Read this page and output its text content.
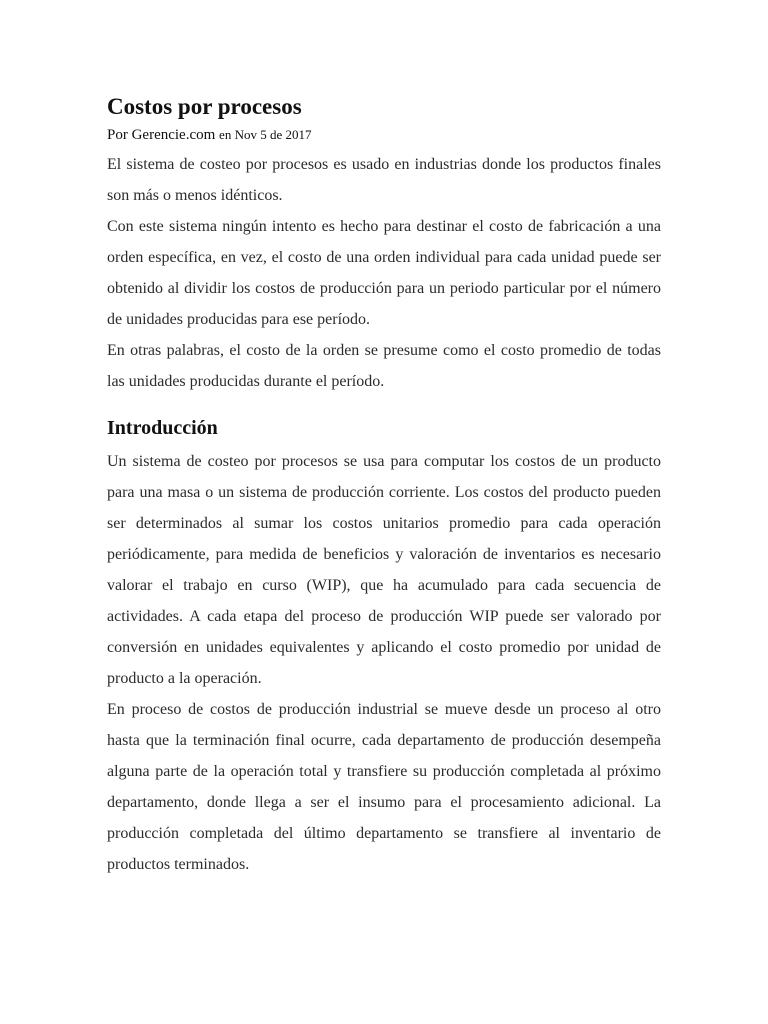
Costos por procesos

Por Gerencie.com en Nov 5 de 2017

El sistema de costeo por procesos es usado en industrias donde los productos finales son más o menos idénticos.

Con este sistema ningún intento es hecho para destinar el costo de fabricación a una orden específica, en vez, el costo de una orden individual para cada unidad puede ser obtenido al dividir los costos de producción para un periodo particular por el número de unidades producidas para ese período.

En otras palabras, el costo de la orden se presume como el costo promedio de todas las unidades producidas durante el período.

Introducción

Un sistema de costeo por procesos se usa para computar los costos de un producto para una masa o un sistema de producción corriente. Los costos del producto pueden ser determinados al sumar los costos unitarios promedio para cada operación periódicamente, para medida de beneficios y valoración de inventarios es necesario valorar el trabajo en curso (WIP), que ha acumulado para cada secuencia de actividades. A cada etapa del proceso de producción WIP puede ser valorado por conversión en unidades equivalentes y aplicando el costo promedio por unidad de producto a la operación.

En proceso de costos de producción industrial se mueve desde un proceso al otro hasta que la terminación final ocurre, cada departamento de producción desempeña alguna parte de la operación total y transfiere su producción completada al próximo departamento, donde llega a ser el insumo para el procesamiento adicional. La producción completada del último departamento se transfiere al inventario de productos terminados.
